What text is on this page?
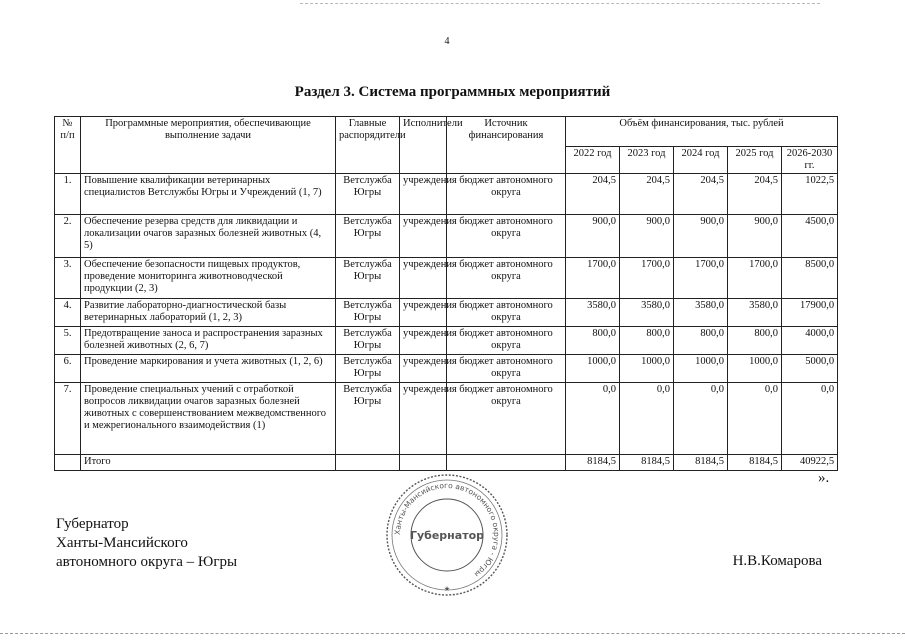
4
Раздел 3. Система программных мероприятий
№ п/п	Программные мероприятия, обеспечивающие выполнение задачи	Главные распорядители	Исполнители	Источник финансирования	Объём финансирования, тыс. рублей				
					2022 год	2023 год	2024 год	2025 год	2026-2030 гг.
1.	Повышение квалификации ветеринарных специалистов Ветслужбы Югры и Учреждений (1, 7)	Ветслужба Югры	учреждения	бюджет автономного округа	204,5	204,5	204,5	204,5	1022,5
2.	Обеспечение резерва средств для ликвидации и локализации очагов заразных болезней животных (4, 5)	Ветслужба Югры	учреждения	бюджет автономного округа	900,0	900,0	900,0	900,0	4500,0
3.	Обеспечение безопасности пищевых продуктов, проведение мониторинга животноводческой продукции (2, 3)	Ветслужба Югры	учреждения	бюджет автономного округа	1700,0	1700,0	1700,0	1700,0	8500,0
4.	Развитие лабораторно-диагностической базы ветеринарных лабораторий (1, 2, 3)	Ветслужба Югры	учреждения	бюджет автономного округа	3580,0	3580,0	3580,0	3580,0	17900,0
5.	Предотвращение заноса и распространения заразных болезней животных (2, 6, 7)	Ветслужба Югры	учреждения	бюджет автономного округа	800,0	800,0	800,0	800,0	4000,0
6.	Проведение маркирования и учета животных (1, 2, 6)	Ветслужба Югры	учреждения	бюджет автономного округа	1000,0	1000,0	1000,0	1000,0	5000,0
7.	Проведение специальных учений с отработкой вопросов ликвидации очагов заразных болезней животных с совершенствованием межведомственного и межрегионального взаимодействия (1)	Ветслужба Югры	учреждения	бюджет автономного округа	0,0	0,0	0,0	0,0	0,0
	Итого				8184,5	8184,5	8184,5	8184,5	40922,5
».
Губернатор
Ханты-Мансийского
автономного округа – Югры	Н.В.Комарова
Ханты-Мансийского автономного округа - Югры
Губернатор
★
